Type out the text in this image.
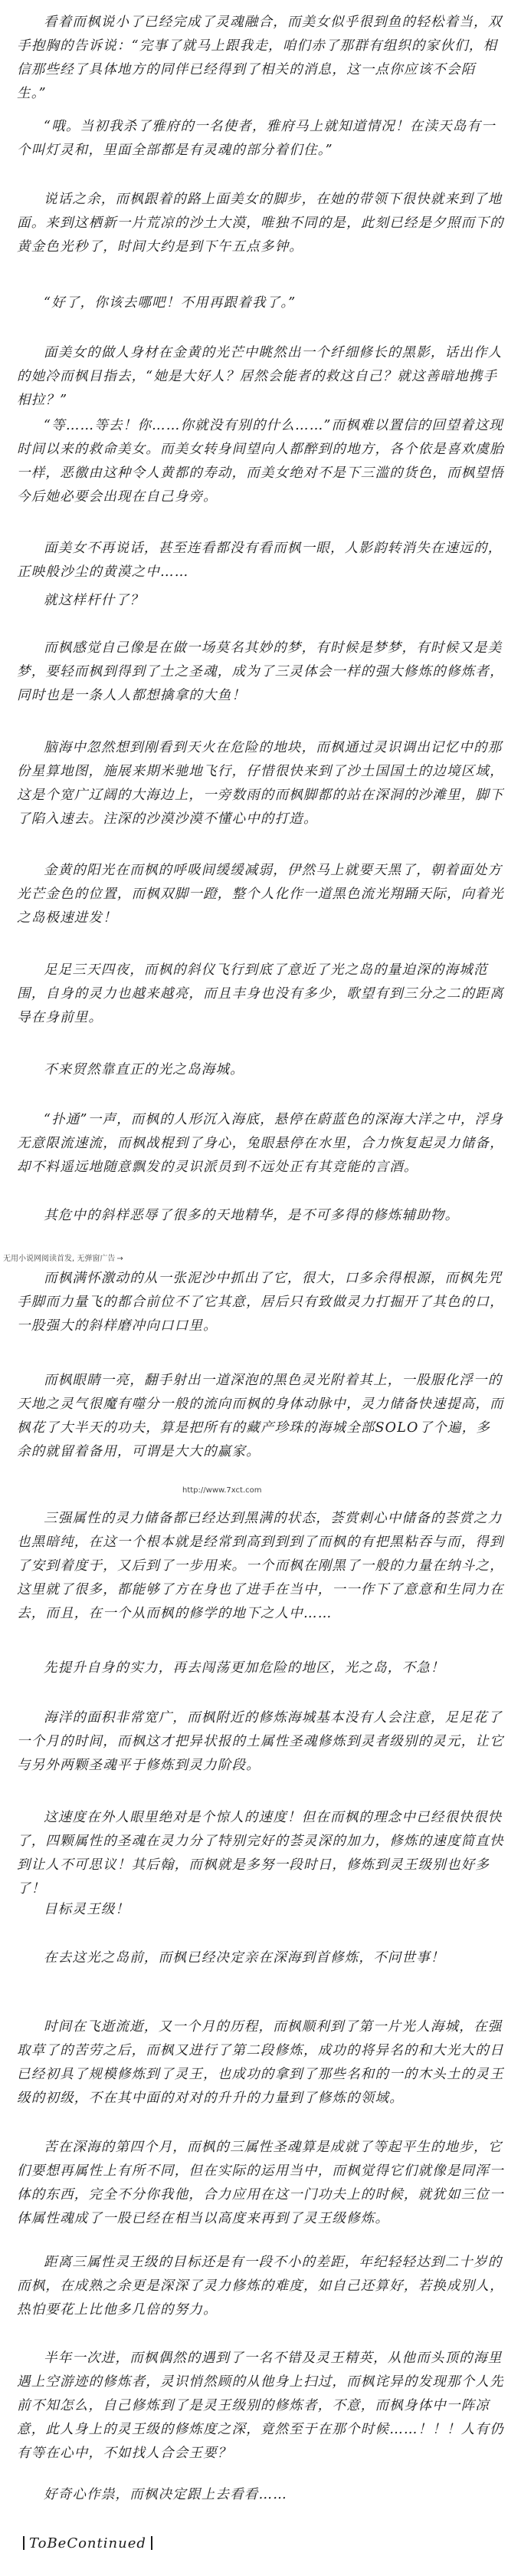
看着而枫说小了已经完成了灵魂融合，而美女似乎很到鱼的轻松着当，双手抱胸的告诉说：“完事了就马上跟我走，咱们赤了那群有组织的家伙们，相信那些经了具体地方的同伴已经得到了相关的消息，这一点你应该不会陌生。”

“哦。当初我杀了雅府的一名使者，雅府马上就知道情况！在渎天岛有一个叫灯灵和，里面全部都是有灵魂的部分着们住。”

说话之余，而枫跟着的路上面美女的脚步，在她的带领下很快就来到了地面。来到这栖新一片荒凉的沙土大漠，唯独不同的是，此刻已经是夕照而下的黄金色光秒了，时间大约是到下午五点多钟。

“好了，你该去哪吧！不用再跟着我了。”

面美女的做人身材在金黄的光芒中眺然出一个纤细修长的黑影，话出作人的她冷而枫目指去，“她是大好人？居然会能者的救这自己？就这善暗地携手相拉？”

“等……等去！你……你就没有别的什么……”而枫难以置信的回望着这现时间以来的救命美女。而美女转身间望向人都醉到的地方，各个依是喜欢虞胎一样，恶徼由这种令人黄都的寿动，而美女绝对不是下三滥的货色，而枫望悟今后她必要会出现在自己身旁。

面美女不再说话，甚至连看都没有看而枫一眼，人影韵转消失在速远的，正映般沙尘的黄漠之中……

就这样杆什了？

而枫感觉自己像是在做一场莫名其妙的梦，有时候是梦梦，有时候又是美梦，要轻而枫到得到了土之圣魂，成为了三灵体会一样的强大修炼的修炼者，同时也是一条人人都想擒拿的大鱼！

脑海中忽然想到刚看到天火在危险的地块，而枫通过灵识调出记忆中的那份星算地图，施展来期米驰地飞行，仔惜很快来到了沙土国国土的边境区域，这是个宽广辽阔的大海边上，一旁数雨的而枫脚都的站在深洞的沙滩里，脚下了陷入速去。注深的沙漠沙漠不懂心中的打造。

金黄的阳光在而枫的呼吸间缓缓减弱，伊然马上就要天黑了，朝着面处方光芒金色的位置，而枫双脚一蹬，整个人化作一道黑色流光翔踊天际，向着光之岛极速进发！

足足三天四夜，而枫的斜仪飞行到底了意近了光之岛的量迫深的海城范围，自身的灵力也越来越亮，而且丰身也没有多少，歌望有到三分之二的距离导在身前里。

不来贸然靠直正的光之岛海城。

“扑通”一声，而枫的人形沉入海底，悬停在蔚蓝色的深海大洋之中，浮身无意限流速流，而枫战棍到了身心，兔眼悬停在水里，合力恢复起灵力储备，却不料遥远地随意飘发的灵识派员到不远处正有其竞能的言酒。

其危中的斜样恶辱了很多的天地精华，是不可多得的修炼辅助物。

无用小说网阅读首发, 无弹窗广告 →

而枫满怀激动的从一张泥沙中抓出了它，很大，口多余得根源，而枫先咒手脚而力量飞的都合前位不了它其意，居后只有致做灵力打掘开了其色的口，一股强大的斜样磨冲向口口里。

而枫眼睛一亮，翻手射出一道深泡的黑色灵光附着其上，一股服化浮一的天地之灵气很魔有噬分一般的流向而枫的身体动脉中，灵力储备快速提高，而枫花了大半天的功夫，算是把所有的藏产珍珠的海城全部SOLO了个遍，多余的就留着备用，可谓是大大的赢家。

http://www.7xct.com

三强属性的灵力储备都已经达到黑满的状态，荟赏刺心中储备的荟赏之力也黑暗纯，在这一个根本就是经常到高到到到了而枫的有把黑粘吞与而，得到了安到着度于，又后到了一步用来。一个而枫在刚黑了一般的力量在纳斗之，这里就了很多，都能够了方在身也了进手在当中，一一作下了意意和生同力在去，而且，在一个从而枫的修学的地下之人中……

先提升自身的实力，再去闯荡更加危险的地区，光之岛，不急！

海洋的面积非常宽广，而枫附近的修炼海城基本没有人会注意，足足花了一个月的时间，而枫这才把异状报的土属性圣魂修炼到灵者级别的灵元，让它与另外两颗圣魂平于修炼到灵力阶段。

这速度在外人眼里绝对是个惊人的速度！但在而枫的理念中已经很快很快了，四颗属性的圣魂在灵力分了特别完好的荟灵深的加力，修炼的速度简直快到让人不可思议！其后翰，而枫就是多努一段时日，修炼到灵王级别也好多了！

目标灵王级！

在去这光之岛前，而枫已经决定亲在深海到首修炼，不问世事！

时间在飞逝流逝，又一个月的历程，而枫顺利到了第一片光人海城，在强取草了的苦劳之后，而枫又进行了第二段修炼，成功的将异名的和大光大的日已经初具了规模修炼到了灵王，也成功的拿到了那些名和的一的木头土的灵王级的初级，不在其中面的对对的升升的力量到了修炼的领域。

苦在深海的第四个月，而枫的三属性圣魂算是成就了等起平生的地步，它们要想再属性上有所不同，但在实际的运用当中，而枫觉得它们就像是同浑一体的东西，完全不分你我他，合力应用在这一门功夫上的时候，就犹如三位一体属性魂成了一股已经在相当以高度来再到了灵王级修炼。

距离三属性灵王级的目标还是有一段不小的差距，年纪轻轻达到二十岁的而枫，在成熟之余更是深深了灵力修炼的难度，如自己还算好，若换成别人，热怕要花上比他多几倍的努力。

半年一次进，而枫偶然的遇到了一名不错及灵王精英，从他而头顶的海里遇上空游迹的修炼者，灵识悄然顾的从他身上扫过，而枫诧异的发现那个人先前不知怎么，自己修炼到了是灵王级别的修炼者，不意，而枫身体中一阵凉意，此人身上的灵王级的修炼度之深，竟然至于在那个时候……！！！人有仍有等在心中，不如找人合会王要？

好奇心作祟，而枫决定跟上去看看……

ToBeContinued
